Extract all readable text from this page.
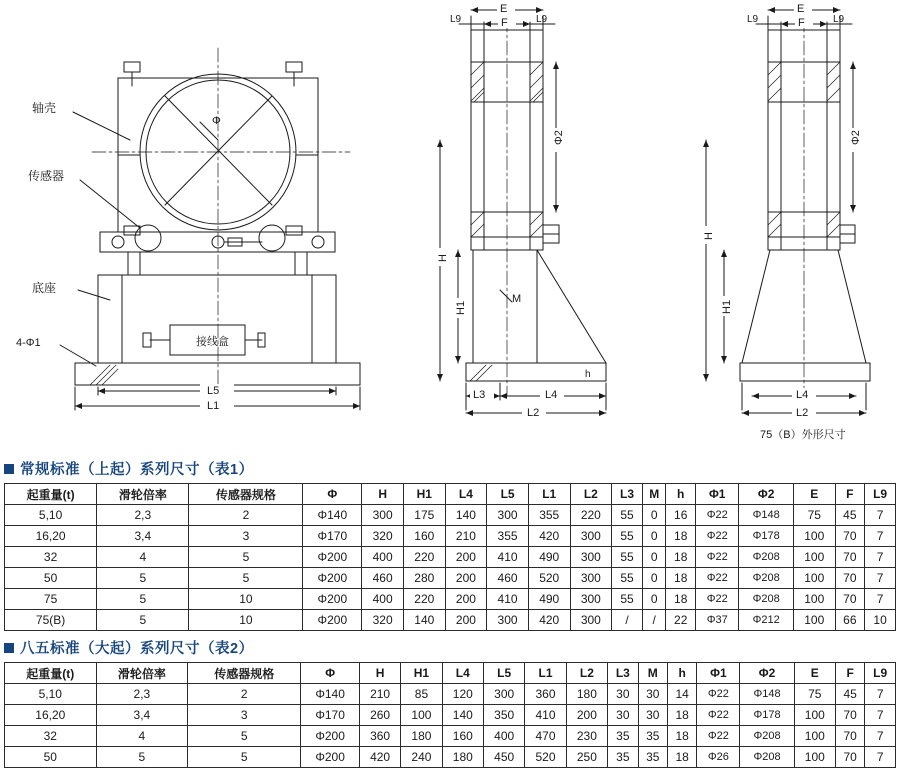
Φ
轴壳
传感器
底座
4-Φ1	接线盒
L5
L1
E
F
L9	L9
Φ2
H
H1
M
h
L3	L4
L2
E
F
L9	L9
Φ2
H
H1
L4
L2
75（B）外形尺寸
常规标准（上起）系列尺寸（表1）
起重量(t)	滑轮倍率	传感器规格	Φ	H	H1	L4	L5	L1	L2	L3	M	h	Φ1	Φ2	E	F	L9
5,10	2,3	2	Φ140	300	175	140	300	355	220	55	0	16	Φ22	Φ148	75	45	7
16,20	3,4	3	Φ170	320	160	210	355	420	300	55	0	18	Φ22	Φ178	100	70	7
32	4	5	Φ200	400	220	200	410	490	300	55	0	18	Φ22	Φ208	100	70	7
50	5	5	Φ200	460	280	200	460	520	300	55	0	18	Φ22	Φ208	100	70	7
75	5	10	Φ200	400	220	200	410	490	300	55	0	18	Φ22	Φ208	100	70	7
75(B)	5	10	Φ200	320	140	200	300	420	300	/	/	22	Φ37	Φ212	100	66	10
八五标准（大起）系列尺寸（表2）
起重量(t)	滑轮倍率	传感器规格	Φ	H	H1	L4	L5	L1	L2	L3	M	h	Φ1	Φ2	E	F	L9
5,10	2,3	2	Φ140	210	85	120	300	360	180	30	30	14	Φ22	Φ148	75	45	7
16,20	3,4	3	Φ170	260	100	140	350	410	200	30	30	18	Φ22	Φ178	100	70	7
32	4	5	Φ200	360	180	160	400	470	230	35	35	18	Φ22	Φ208	100	70	7
50	5	5	Φ200	420	240	180	450	520	250	35	35	18	Φ26	Φ208	100	70	7
